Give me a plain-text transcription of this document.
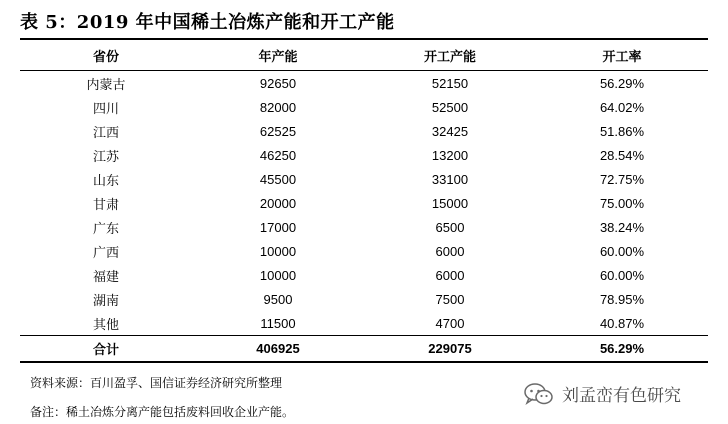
表 5：2019 年中国稀土冶炼产能和开工产能
省份	年产能	开工产能	开工率
内蒙古	92650	52150	56.29%
四川	82000	52500	64.02%
江西	62525	32425	51.86%
江苏	46250	13200	28.54%
山东	45500	33100	72.75%
甘肃	20000	15000	75.00%
广东	17000	6500	38.24%
广西	10000	6000	60.00%
福建	10000	6000	60.00%
湖南	9500	7500	78.95%
其他	11500	4700	40.87%
合计	406925	229075	56.29%
资料来源：百川盈孚、国信证券经济研究所整理
备注：稀土冶炼分离产能包括废料回收企业产能。
刘孟峦有色研究
